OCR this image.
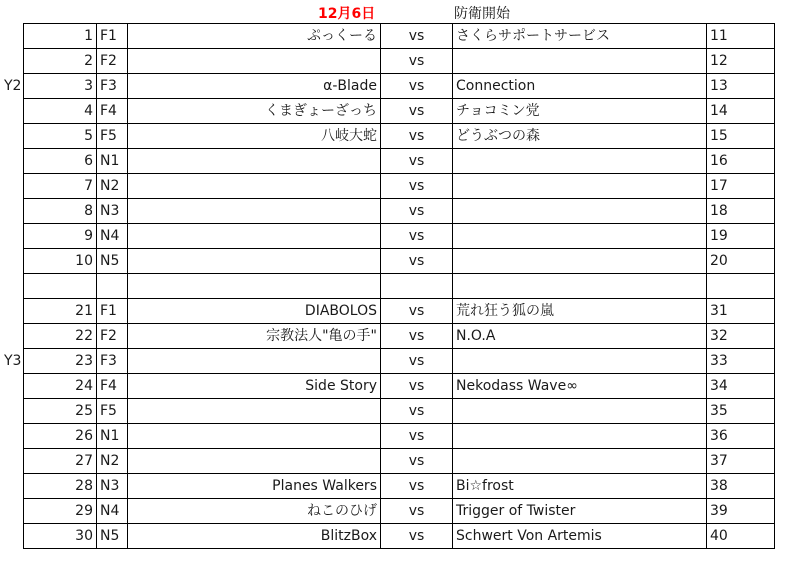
12月6日	防衛開始
Y2
Y3
1	F1	ぷっくーる	vs	さくらサポートサービス	11
2	F2		vs		12
3	F3	α-Blade	vs	Connection	13
4	F4	くまぎょーざっち	vs	チョコミン党	14
5	F5	八岐大蛇	vs	どうぶつの森	15
6	N1		vs		16
7	N2		vs		17
8	N3		vs		18
9	N4		vs		19
10	N5		vs		20

21	F1	DIABOLOS	vs	荒れ狂う狐の嵐	31
22	F2	宗教法人"亀の手"	vs	N.O.A	32
23	F3		vs		33
24	F4	Side Story	vs	Nekodass Wave∞	34
25	F5		vs		35
26	N1		vs		36
27	N2		vs		37
28	N3	Planes Walkers	vs	Bi☆frost	38
29	N4	ねこのひげ	vs	Trigger of Twister	39
30	N5	BlitzBox	vs	Schwert Von Artemis	40
